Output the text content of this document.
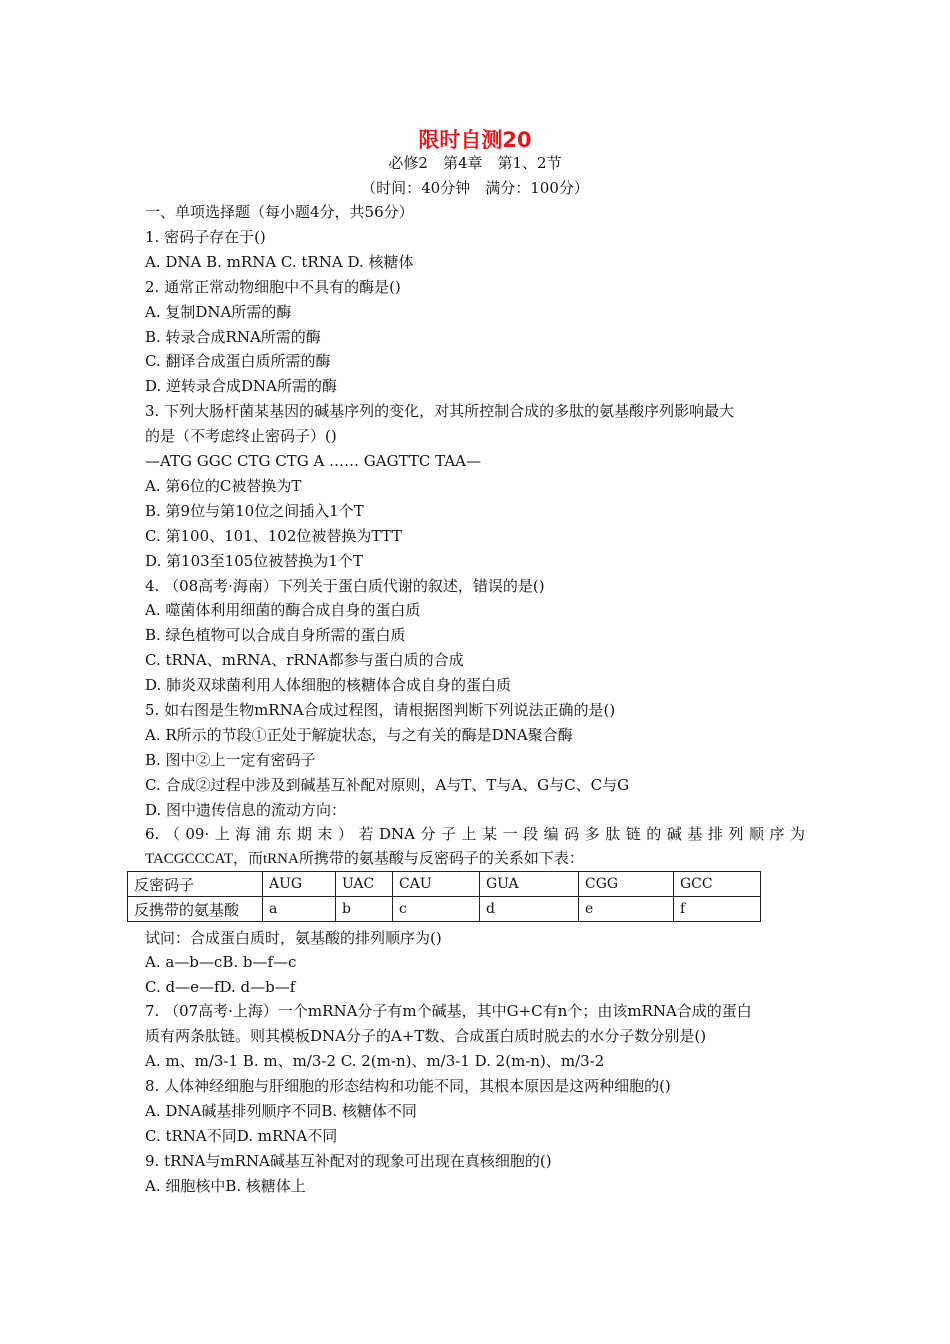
限时自测20
必修2　第4章　第1、2节
（时间：40分钟　满分：100分）
一、单项选择题（每小题4分，共56分）
1. 密码子存在于()
A. DNA B. mRNA C. tRNA D. 核糖体
2. 通常正常动物细胞中不具有的酶是()
A. 复制DNA所需的酶
B. 转录合成RNA所需的酶
C. 翻译合成蛋白质所需的酶
D. 逆转录合成DNA所需的酶
3. 下列大肠杆菌某基因的碱基序列的变化，对其所控制合成的多肽的氨基酸序列影响最大
的是（不考虑终止密码子）()
—ATG GGC CTG CTG A …… GAGTTC TAA—
A. 第6位的C被替换为T
B. 第9位与第10位之间插入1个T
C. 第100、101、102位被替换为TTT
D. 第103至105位被替换为1个T
4. （08高考·海南）下列关于蛋白质代谢的叙述，错误的是()
A. 噬菌体利用细菌的酶合成自身的蛋白质
B. 绿色植物可以合成自身所需的蛋白质
C. tRNA、mRNA、rRNA都参与蛋白质的合成
D. 肺炎双球菌利用人体细胞的核糖体合成自身的蛋白质
5. 如右图是生物mRNA合成过程图，请根据图判断下列说法正确的是()
A. R所示的节段①正处于解旋状态，与之有关的酶是DNA聚合酶
B. 图中②上一定有密码子
C. 合成②过程中涉及到碱基互补配对原则，A与T、T与A、G与C、C与G
D. 图中遗传信息的流动方向：
6.（09·上海浦东期末）若DNA分子上某一段编码多肽链的碱基排列顺序为
TACGCCCAT，而tRNA所携带的氨基酸与反密码子的关系如下表：
反密码子	AUG	UAC	CAU	GUA	CGG	GCC
反携带的氨基酸	a	b	c	d	e	f
试问：合成蛋白质时，氨基酸的排列顺序为()
A. a—b—cB. b—f—c
C. d—e—fD. d—b—f
7. （07高考·上海）一个mRNA分子有m个碱基，其中G+C有n个；由该mRNA合成的蛋白
质有两条肽链。则其模板DNA分子的A+T数、合成蛋白质时脱去的水分子数分别是()
A. m、m/3-1 B. m、m/3-2 C. 2(m-n)、m/3-1 D. 2(m-n)、m/3-2
8. 人体神经细胞与肝细胞的形态结构和功能不同，其根本原因是这两种细胞的()
A. DNA碱基排列顺序不同B. 核糖体不同
C. tRNA不同D. mRNA不同
9. tRNA与mRNA碱基互补配对的现象可出现在真核细胞的()
A. 细胞核中B. 核糖体上
